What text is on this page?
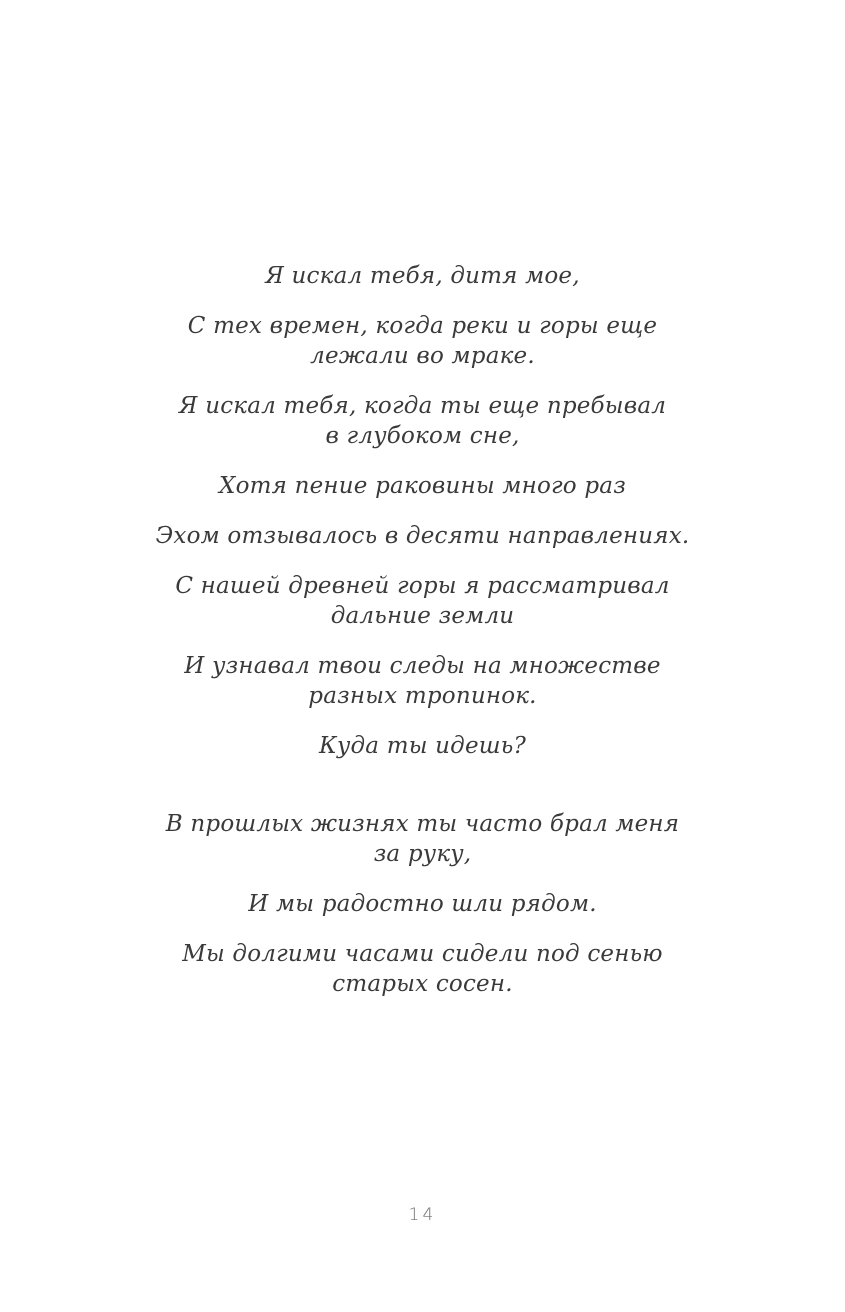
Я искал тебя, дитя мое,

С тех времен, когда реки и горы еще
лежали во мраке.

Я искал тебя, когда ты еще пребывал
в глубоком сне,

Хотя пение раковины много раз

Эхом отзывалось в десяти направлениях.

С нашей древней горы я рассматривал
дальние земли

И узнавал твои следы на множестве
разных тропинок.

Куда ты идешь?

В прошлых жизнях ты часто брал меня
за руку,

И мы радостно шли рядом.

Мы долгими часами сидели под сенью
старых сосен.

14
